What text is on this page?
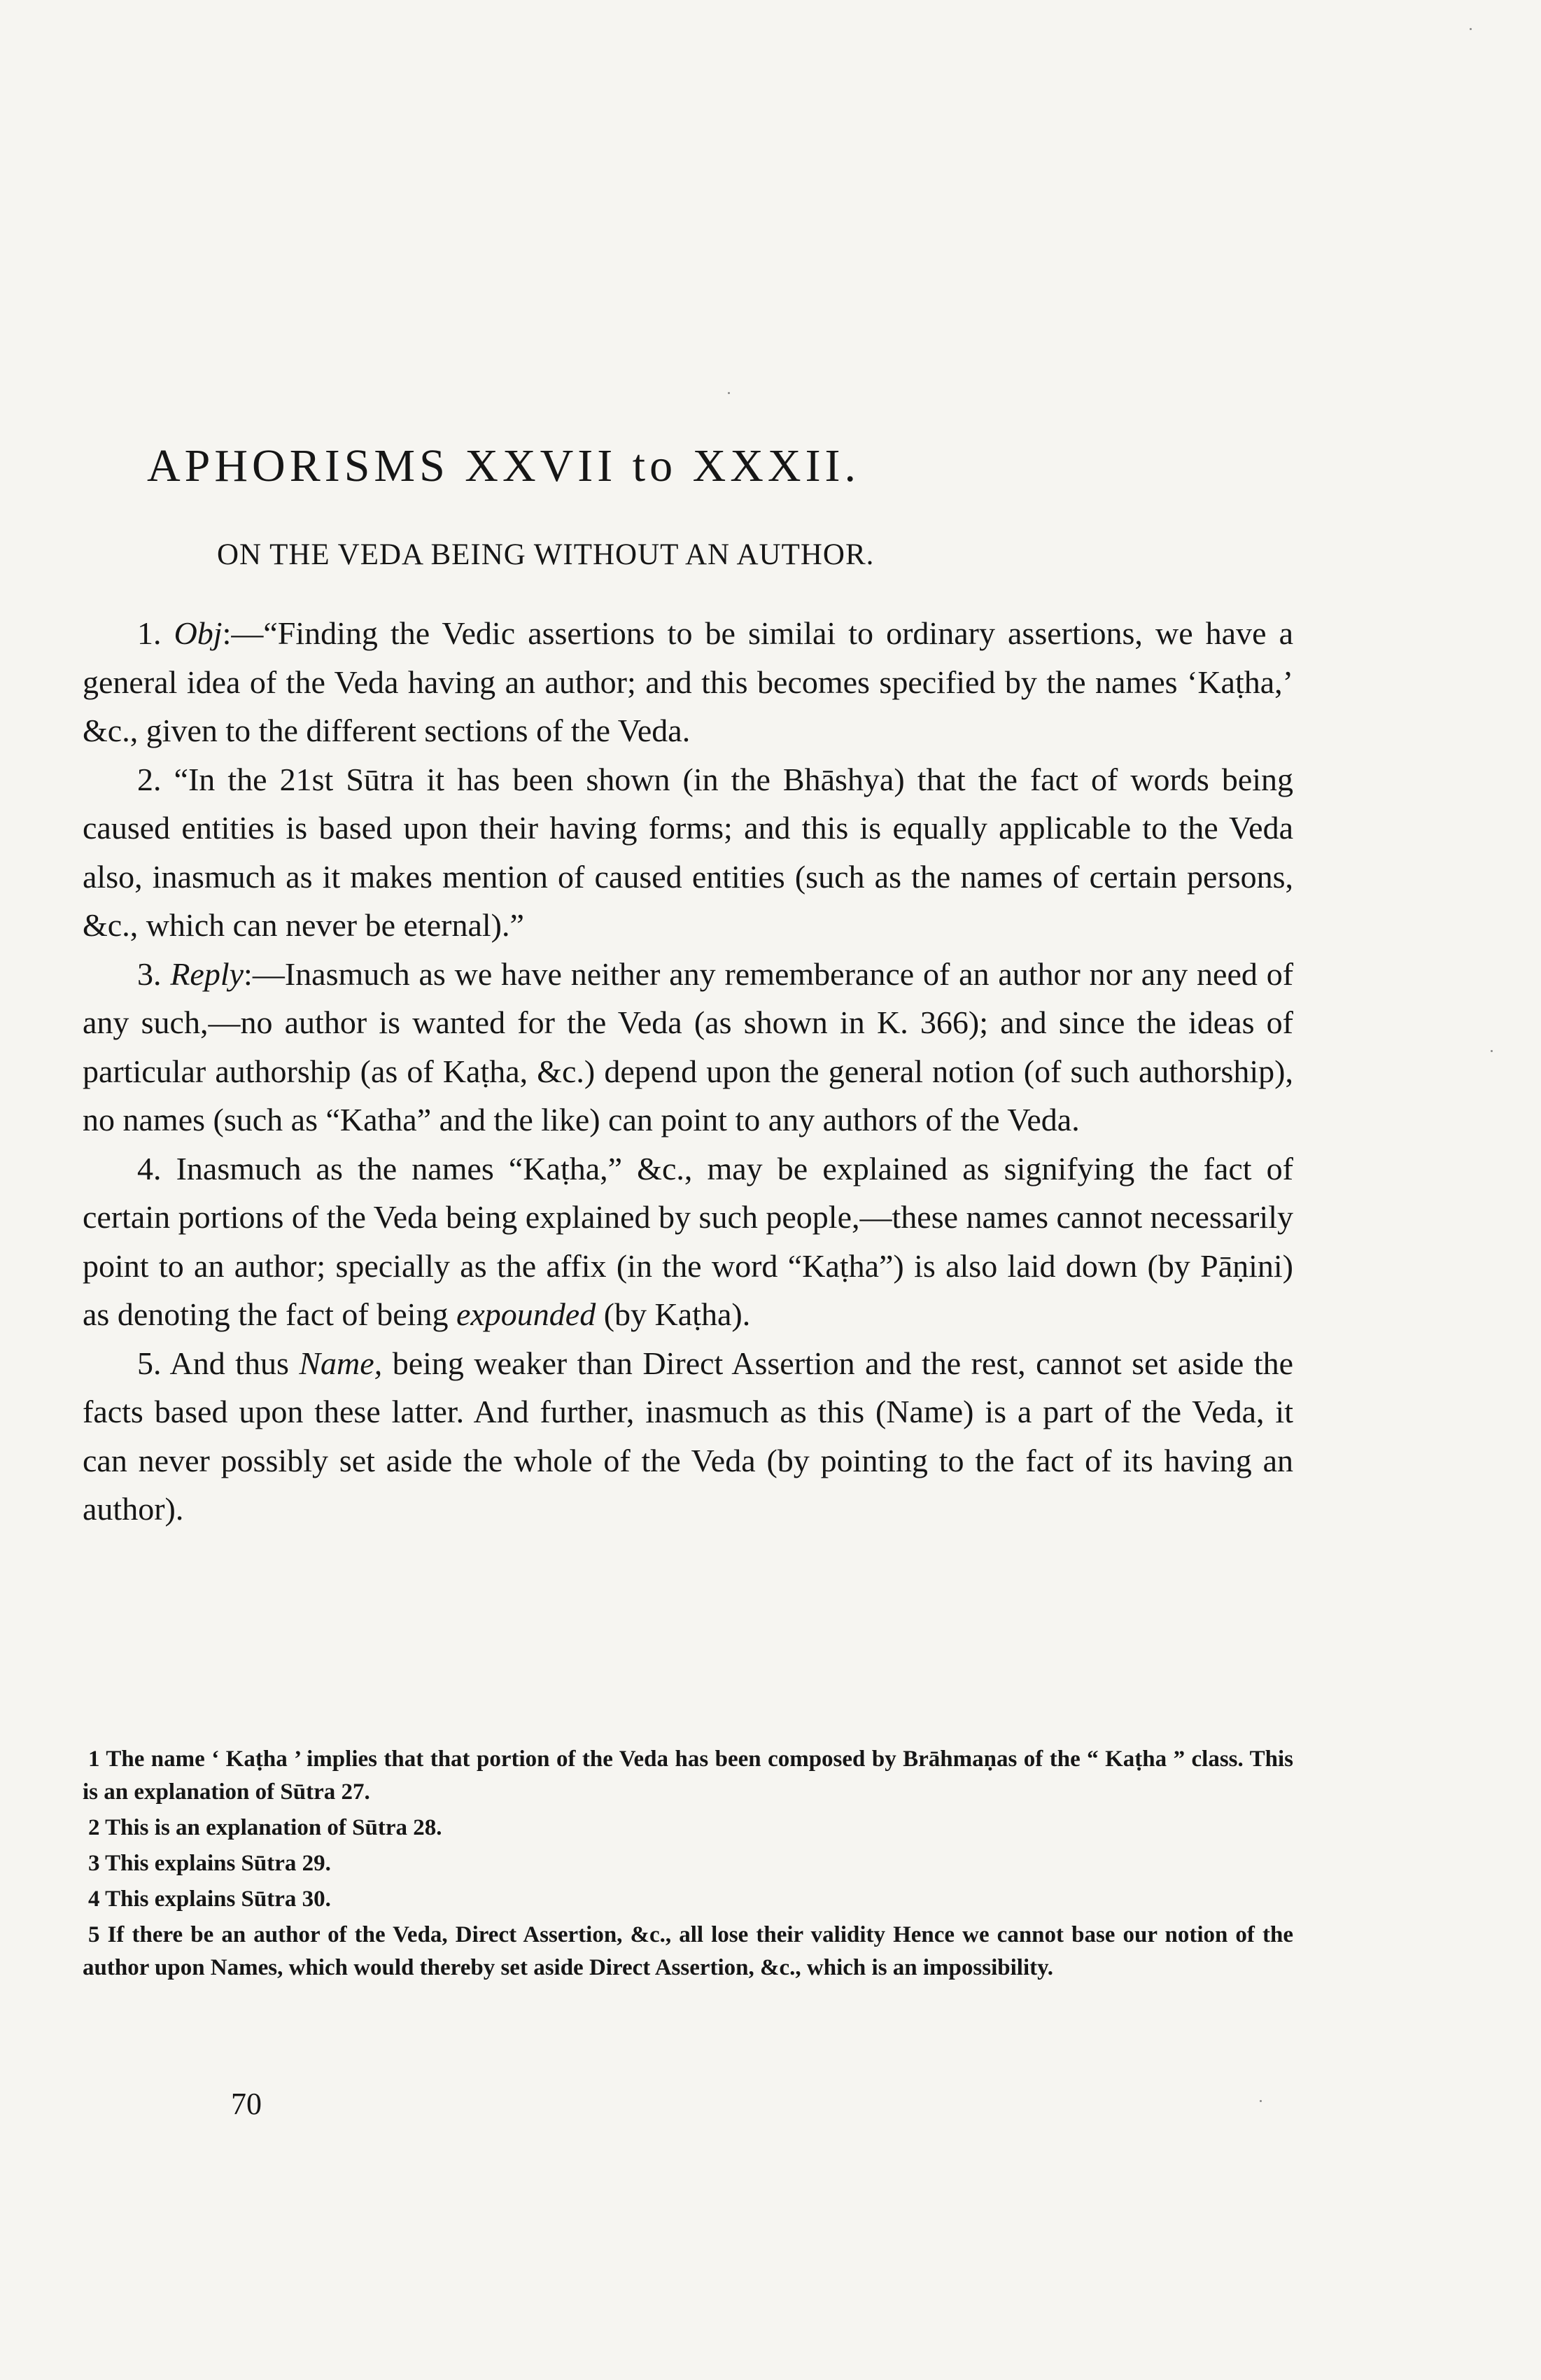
APHORISMS XXVII to XXXII.
ON THE VEDA BEING WITHOUT AN AUTHOR.

1. Obj:—“Finding the Vedic assertions to be similai to ordinary assertions, we have a general idea of the Veda having an author; and this becomes specified by the names ‘Kaṭha,’ &c., given to the different sections of the Veda.

2. “In the 21st Sūtra it has been shown (in the Bhāshya) that the fact of words being caused entities is based upon their having forms; and this is equally applicable to the Veda also, inasmuch as it makes mention of caused entities (such as the names of certain persons, &c., which can never be eternal).”

3. Reply:—Inasmuch as we have neither any rememberance of an author nor any need of any such,—no author is wanted for the Veda (as shown in K. 366); and since the ideas of particular authorship (as of Kaṭha, &c.) depend upon the general notion (of such authorship), no names (such as “Katha” and the like) can point to any authors of the Veda.

4. Inasmuch as the names “Kaṭha,” &c., may be explained as signifying the fact of certain portions of the Veda being explained by such people,—these names cannot necessarily point to an author; specially as the affix (in the word “Kaṭha”) is also laid down (by Pāṇini) as denoting the fact of being expounded (by Kaṭha).

5. And thus Name, being weaker than Direct Assertion and the rest, cannot set aside the facts based upon these latter. And further, inasmuch as this (Name) is a part of the Veda, it can never possibly set aside the whole of the Veda (by pointing to the fact of its having an author).

1 The name ‘ Kaṭha ’ implies that that portion of the Veda has been composed by Brāhmaṇas of the “ Kaṭha ” class. This is an explanation of Sūtra 27.

2 This is an explanation of Sūtra 28.

3 This explains Sūtra 29.

4 This explains Sūtra 30.

5 If there be an author of the Veda, Direct Assertion, &c., all lose their validity Hence we cannot base our notion of the author upon Names, which would thereby set aside Direct Assertion, &c., which is an impossibility.

70
